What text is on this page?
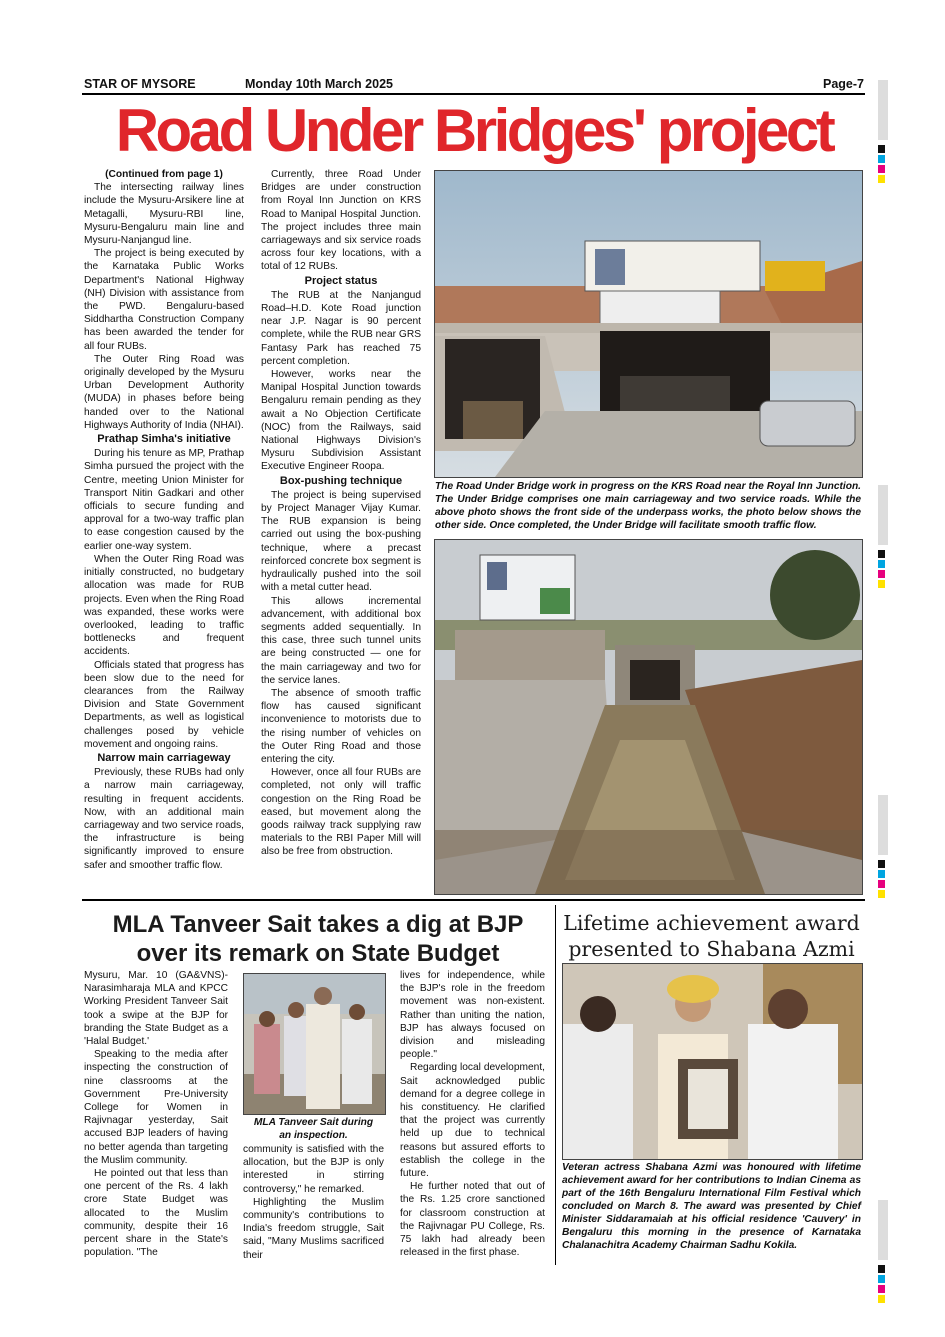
STAR OF MYSORE	Monday 10th March 2025	Page-7
Road Under Bridges' project

(Continued from page 1)

The intersecting railway lines include the Mysuru-Arsikere line at Metagalli, Mysuru-RBI line, Mysuru-Bengaluru main line and Mysuru-Nanjangud line.

The project is being executed by the Karnataka Public Works Department's National Highway (NH) Division with assistance from the PWD. Bengaluru-based Siddhartha Construction Company has been awarded the tender for all four RUBs.

The Outer Ring Road was originally developed by the Mysuru Urban Development Authority (MUDA) in phases before being handed over to the National Highways Authority of India (NHAI).

Prathap Simha's initiative

During his tenure as MP, Prathap Simha pursued the project with the Centre, meeting Union Minister for Transport Nitin Gadkari and other officials to secure funding and approval for a two-way traffic plan to ease congestion caused by the earlier one-way system.

When the Outer Ring Road was initially constructed, no budgetary allocation was made for RUB projects. Even when the Ring Road was expanded, these works were overlooked, leading to traffic bottlenecks and frequent accidents.

Officials stated that progress has been slow due to the need for clearances from the Railway Division and State Government Departments, as well as logistical challenges posed by vehicle movement and ongoing rains.

Narrow main carriageway

Previously, these RUBs had only a narrow main carriageway, resulting in frequent accidents. Now, with an additional main carriageway and two service roads, the infrastructure is being significantly improved to ensure safer and smoother traffic flow.

Currently, three Road Under Bridges are under construction from Royal Inn Junction on KRS Road to Manipal Hospital Junction. The project includes three main carriageways and six service roads across four key locations, with a total of 12 RUBs.

Project status

The RUB at the Nanjangud Road–H.D. Kote Road junction near J.P. Nagar is 90 percent complete, while the RUB near GRS Fantasy Park has reached 75 percent completion.

However, works near the Manipal Hospital Junction towards Bengaluru remain pending as they await a No Objection Certificate (NOC) from the Railways, said National Highways Division's Mysuru Subdivision Assistant Executive Engineer Roopa.

Box-pushing technique

The project is being supervised by Project Manager Vijay Kumar. The RUB expansion is being carried out using the box-pushing technique, where a precast reinforced concrete box segment is hydraulically pushed into the soil with a metal cutter head.

This allows incremental advancement, with additional box segments added sequentially. In this case, three such tunnel units are being constructed — one for the main carriageway and two for the service lanes.

The absence of smooth traffic flow has caused significant inconvenience to motorists due to the rising number of vehicles on the Outer Ring Road and those entering the city.

However, once all four RUBs are completed, not only will traffic congestion on the Ring Road be eased, but movement along the goods railway track supplying raw materials to the RBI Paper Mill will also be free from obstruction.

The Road Under Bridge work in progress on the KRS Road near the Royal Inn Junction. The Under Bridge comprises one main carriageway and two service roads. While the above photo shows the front side of the underpass works, the photo below shows the other side. Once completed, the Under Bridge will facilitate smooth traffic flow.
MLA Tanveer Sait takes a dig at BJP
over its remark on State Budget

Mysuru, Mar. 10 (GA&VNS)- Narasimharaja MLA and KPCC Working President Tanveer Sait took a swipe at the BJP for branding the State Budget as a 'Halal Budget.'

Speaking to the media after inspecting the construction of nine classrooms at the Government Pre-University College for Women in Rajivnagar yesterday, Sait accused BJP leaders of having no better agenda than targeting the Muslim community.

He pointed out that less than one percent of the Rs. 4 lakh crore State Budget was allocated to the Muslim community, despite their 16 percent share in the State's population. "The

MLA Tanveer Sait during
an inspection.

community is satisfied with the allocation, but the BJP is only interested in stirring controversy," he remarked.

Highlighting the Muslim community's contributions to India's freedom struggle, Sait said, "Many Muslims sacrificed their

lives for independence, while the BJP's role in the freedom movement was non-existent. Rather than uniting the nation, BJP has always focused on division and misleading people."

Regarding local development, Sait acknowledged public demand for a degree college in his constituency. He clarified that the project was currently held up due to technical reasons but assured efforts to establish the college in the future.

He further noted that out of the Rs. 1.25 crore sanctioned for classroom construction at the Rajivnagar PU College, Rs. 75 lakh had already been released in the first phase.

Lifetime achievement award
presented to Shabana Azmi
Veteran actress Shabana Azmi was honoured with lifetime achievement award for her contributions to Indian Cinema as part of the 16th Bengaluru International Film Festival which concluded on March 8. The award was presented by Chief Minister Siddaramaiah at his official residence 'Cauvery' in Bengaluru this morning in the presence of Karnataka Chalanachitra Academy Chairman Sadhu Kokila.
